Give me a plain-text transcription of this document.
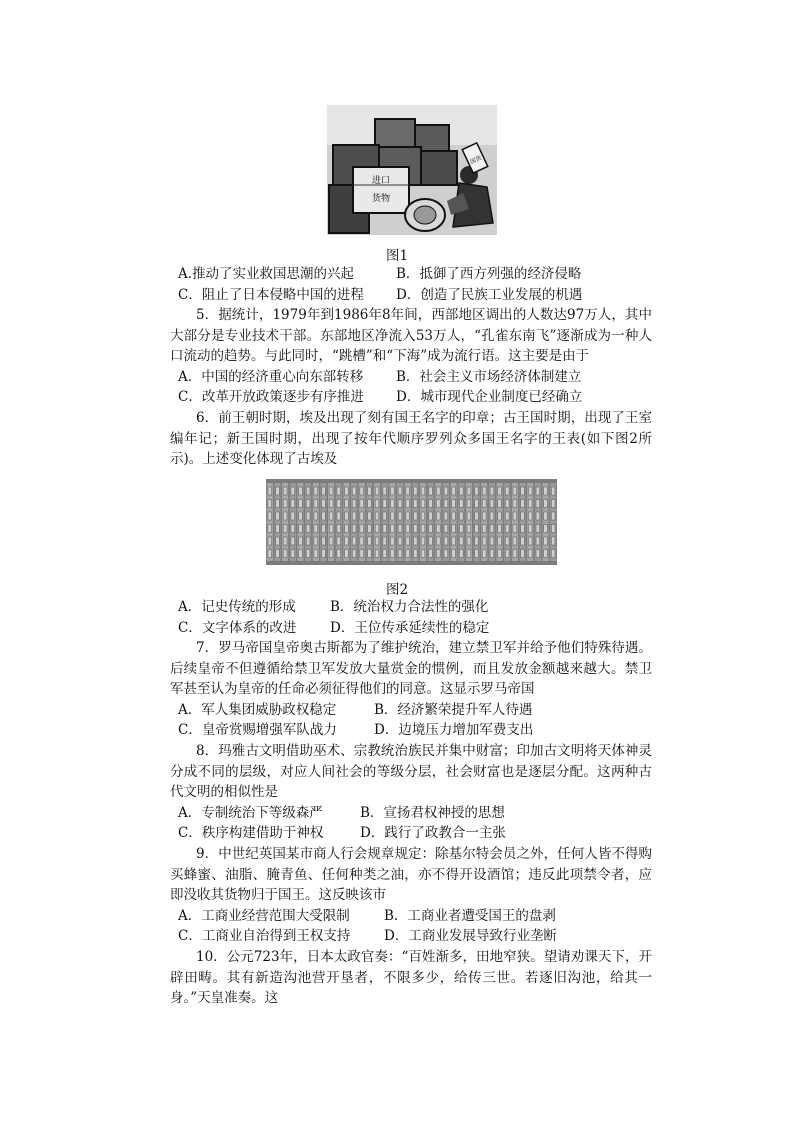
进口
货物
国货
图1

A.推动了实业救国思潮的兴起	B．抵御了西方列强的经济侵略

C．阻止了日本侵略中国的进程 D．创造了民族工业发展的机遇

5．据统计，1979年到1986年8年间，西部地区调出的人数达97万人，其中大部分是专业技术干部。东部地区净流入53万人，“孔雀东南飞”逐渐成为一种人口流动的趋势。与此同时，“跳槽”和“下海”成为流行语。这主要是由于

A．中国的经济重心向东部转移 B．社会主义市场经济体制建立

C．改革开放政策逐步有序推进 D．城市现代企业制度已经确立

6．前王朝时期，埃及出现了刻有国王名字的印章；古王国时期，出现了王室编年记；新王国时期，出现了按年代顺序罗列众多国王名字的王表(如下图2所示)。上述变化体现了古埃及

图2

A．记史传统的形成	B．统治权力合法性的强化

C．文字体系的改进 D．王位传承延续性的稳定

7．罗马帝国皇帝奥古斯都为了维护统治，建立禁卫军并给予他们特殊待遇。后续皇帝不但遵循给禁卫军发放大量赏金的惯例，而且发放金额越来越大。禁卫军甚至认为皇帝的任命必须征得他们的同意。这显示罗马帝国

A．军人集团威胁政权稳定	B．经济繁荣提升军人待遇

C．皇帝赏赐增强军队战力	D．边境压力增加军费支出

8．玛雅古文明借助巫术、宗教统治族民并集中财富；印加古文明将天体神灵分成不同的层级，对应人间社会的等级分层，社会财富也是逐层分配。这两种古代文明的相似性是

A．专制统治下等级森严	B．宣扬君权神授的思想

C．秩序构建借助于神权	D．践行了政教合一主张

9．中世纪英国某市商人行会规章规定：除基尔特会员之外，任何人皆不得购买蜂蜜、油脂、腌青鱼、任何种类之油，亦不得开设酒馆；违反此项禁令者，应即没收其货物归于国王。这反映该市

A．工商业经营范围大受限制	B．工商业者遭受国王的盘剥

C．工商业自治得到王权支持 D．工商业发展导致行业垄断

10．公元723年，日本太政官奏：“百姓渐多，田地窄狭。望请劝课天下，开辟田畴。其有新造沟池营开垦者，不限多少，给传三世。若逐旧沟池，给其一身。”天皇准奏。这
